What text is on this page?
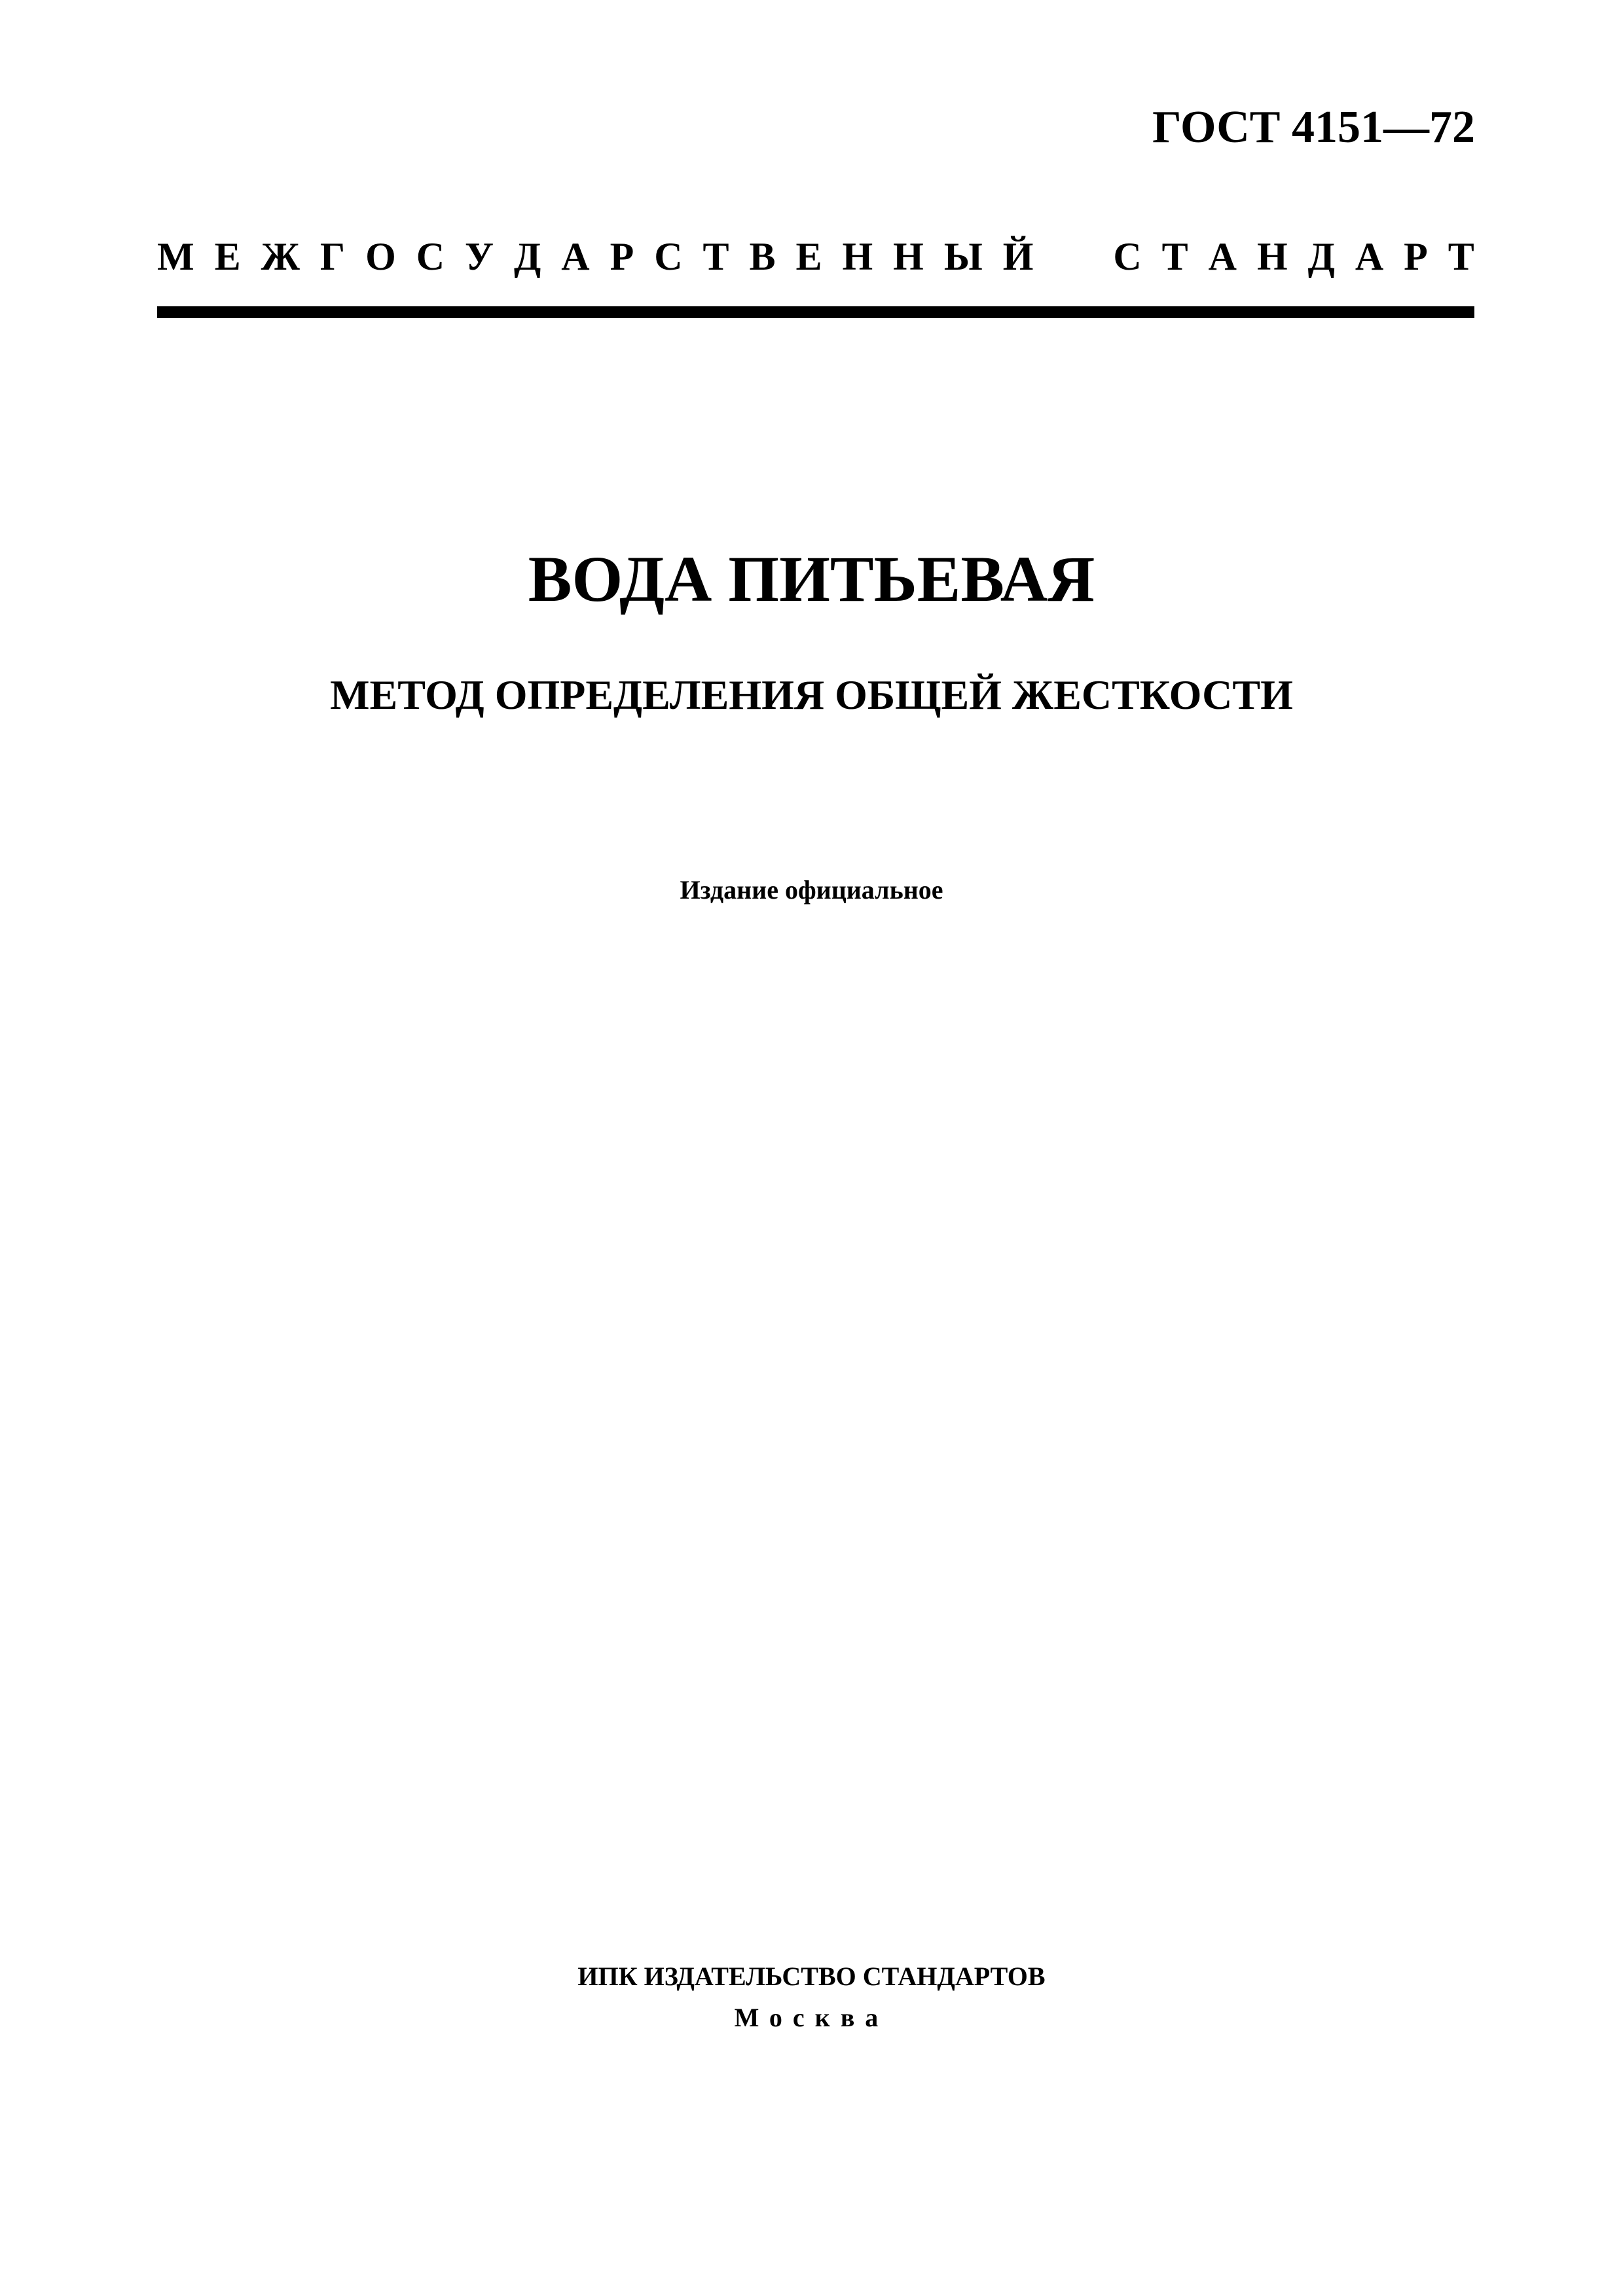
ГОСТ 4151—72
М Е Ж Г О С У Д А Р С Т В Е Н Н Ы Й С Т А Н Д А Р Т
ВОДА ПИТЬЕВАЯ
МЕТОД ОПРЕДЕЛЕНИЯ ОБЩЕЙ ЖЕСТКОСТИ
Издание официальное
ИПК ИЗДАТЕЛЬСТВО СТАНДАРТОВ
Москва
